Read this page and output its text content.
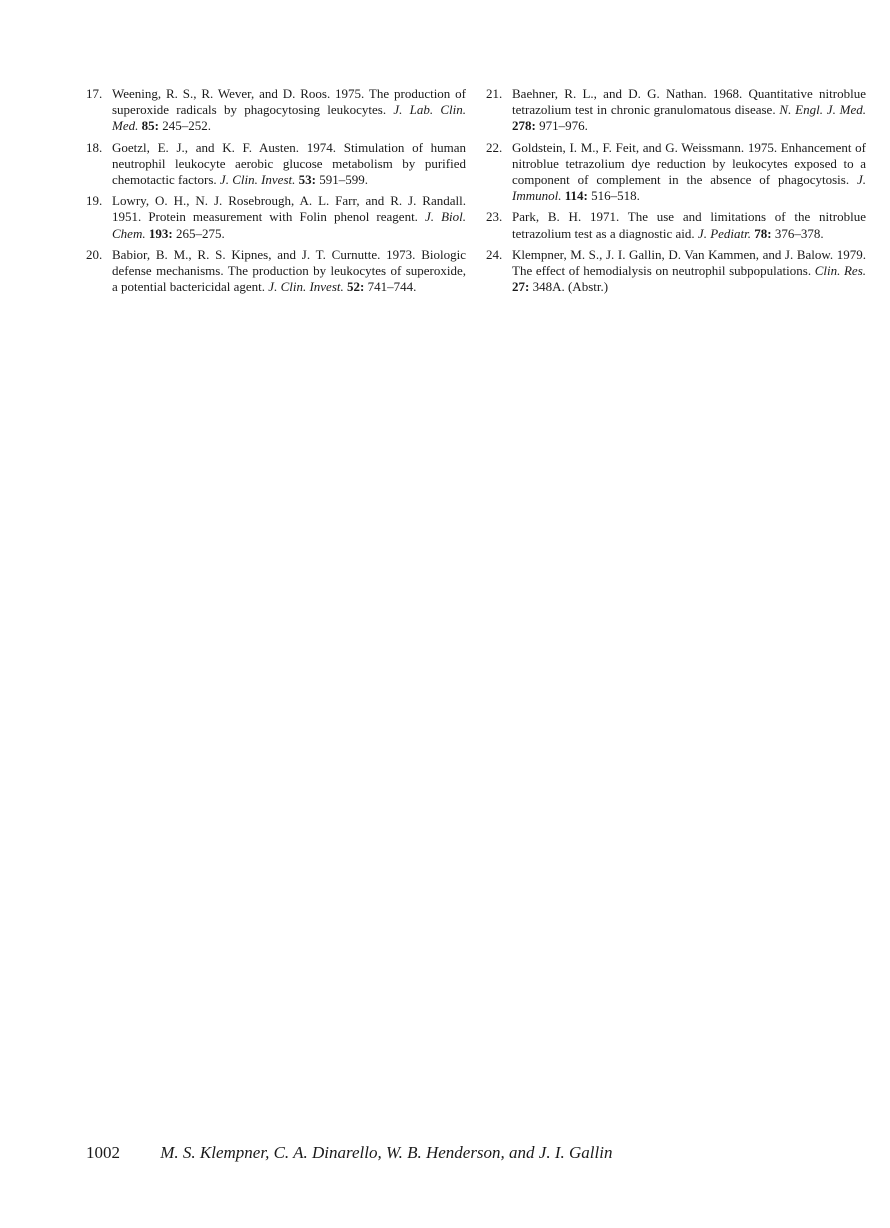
17. Weening, R. S., R. Wever, and D. Roos. 1975. The production of superoxide radicals by phagocytosing leukocytes. J. Lab. Clin. Med. 85: 245–252.
18. Goetzl, E. J., and K. F. Austen. 1974. Stimulation of human neutrophil leukocyte aerobic glucose metabolism by purified chemotactic factors. J. Clin. Invest. 53: 591–599.
19. Lowry, O. H., N. J. Rosebrough, A. L. Farr, and R. J. Randall. 1951. Protein measurement with Folin phenol reagent. J. Biol. Chem. 193: 265–275.
20. Babior, B. M., R. S. Kipnes, and J. T. Curnutte. 1973. Biologic defense mechanisms. The production by leukocytes of superoxide, a potential bactericidal agent. J. Clin. Invest. 52: 741–744.
21. Baehner, R. L., and D. G. Nathan. 1968. Quantitative nitroblue tetrazolium test in chronic granulomatous disease. N. Engl. J. Med. 278: 971–976.
22. Goldstein, I. M., F. Feit, and G. Weissmann. 1975. Enhancement of nitroblue tetrazolium dye reduction by leukocytes exposed to a component of complement in the absence of phagocytosis. J. Immunol. 114: 516–518.
23. Park, B. H. 1971. The use and limitations of the nitroblue tetrazolium test as a diagnostic aid. J. Pediatr. 78: 376–378.
24. Klempner, M. S., J. I. Gallin, D. Van Kammen, and J. Balow. 1979. The effect of hemodialysis on neutrophil subpopulations. Clin. Res. 27: 348A. (Abstr.)
1002 M. S. Klempner, C. A. Dinarello, W. B. Henderson, and J. I. Gallin
